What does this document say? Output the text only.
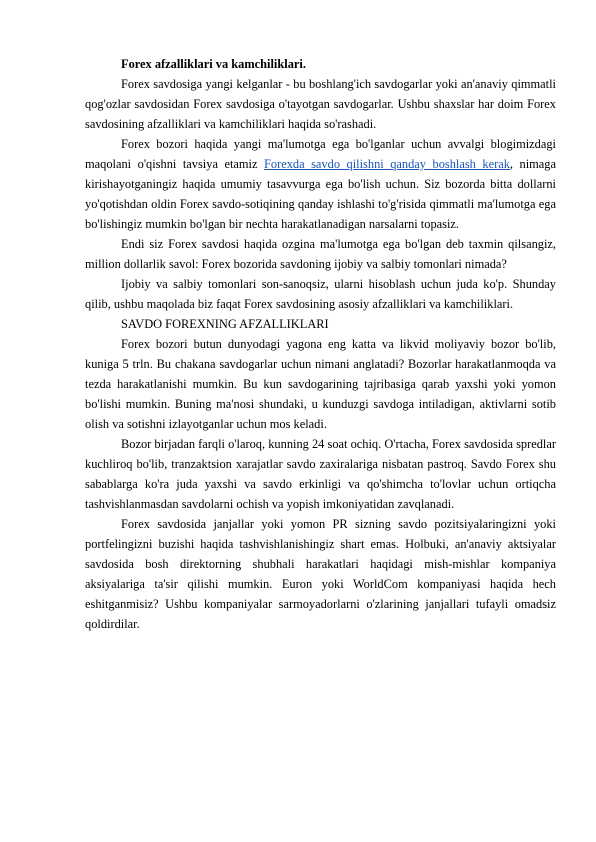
Forex afzalliklari va kamchiliklari.

Forex savdosiga yangi kelganlar - bu boshlang'ich savdogarlar yoki an'anaviy qimmatli qog'ozlar savdosidan Forex savdosiga o'tayotgan savdogarlar. Ushbu shaxslar har doim Forex savdosining afzalliklari va kamchiliklari haqida so'rashadi.

Forex bozori haqida yangi ma'lumotga ega bo'lganlar uchun avvalgi blogimizdagi maqolani o'qishni tavsiya etamiz Forexda savdo qilishni qanday boshlash kerak, nimaga kirishayotganingiz haqida umumiy tasavvurga ega bo'lish uchun. Siz bozorda bitta dollarni yo'qotishdan oldin Forex savdo-sotiqining qanday ishlashi to'g'risida qimmatli ma'lumotga ega bo'lishingiz mumkin bo'lgan bir nechta harakatlanadigan narsalarni topasiz.

Endi siz Forex savdosi haqida ozgina ma'lumotga ega bo'lgan deb taxmin qilsangiz, million dollarlik savol: Forex bozorida savdoning ijobiy va salbiy tomonlari nimada?

Ijobiy va salbiy tomonlari son-sanoqsiz, ularni hisoblash uchun juda ko'p. Shunday qilib, ushbu maqolada biz faqat Forex savdosining asosiy afzalliklari va kamchiliklari.

SAVDO FOREXNING AFZALLIKLARI

Forex bozori butun dunyodagi yagona eng katta va likvid moliyaviy bozor bo'lib, kuniga 5 trln. Bu chakana savdogarlar uchun nimani anglatadi? Bozorlar harakatlanmoqda va tezda harakatlanishi mumkin. Bu kun savdogarining tajribasiga qarab yaxshi yoki yomon bo'lishi mumkin. Buning ma'nosi shundaki, u kunduzgi savdoga intiladigan, aktivlarni sotib olish va sotishni izlayotganlar uchun mos keladi.

Bozor birjadan farqli o'laroq, kunning 24 soat ochiq. O'rtacha, Forex savdosida spredlar kuchliroq bo'lib, tranzaktsion xarajatlar savdo zaxiralariga nisbatan pastroq. Savdo Forex shu sabablarga ko'ra juda yaxshi va savdo erkinligi va qo'shimcha to'lovlar uchun ortiqcha tashvishlanmasdan savdolarni ochish va yopish imkoniyatidan zavqlanadi.

Forex savdosida janjallar yoki yomon PR sizning savdo pozitsiyalaringizni yoki portfelingizni buzishi haqida tashvishlanishingiz shart emas. Holbuki, an'anaviy aktsiyalar savdosida bosh direktorning shubhali harakatlari haqidagi mish-mishlar kompaniya aksiyalariga ta'sir qilishi mumkin. Euron yoki WorldCom kompaniyasi haqida hech eshitganmisiz? Ushbu kompaniyalar sarmoyadorlarni o'zlarining janjallari tufayli omadsiz qoldirdilar.
